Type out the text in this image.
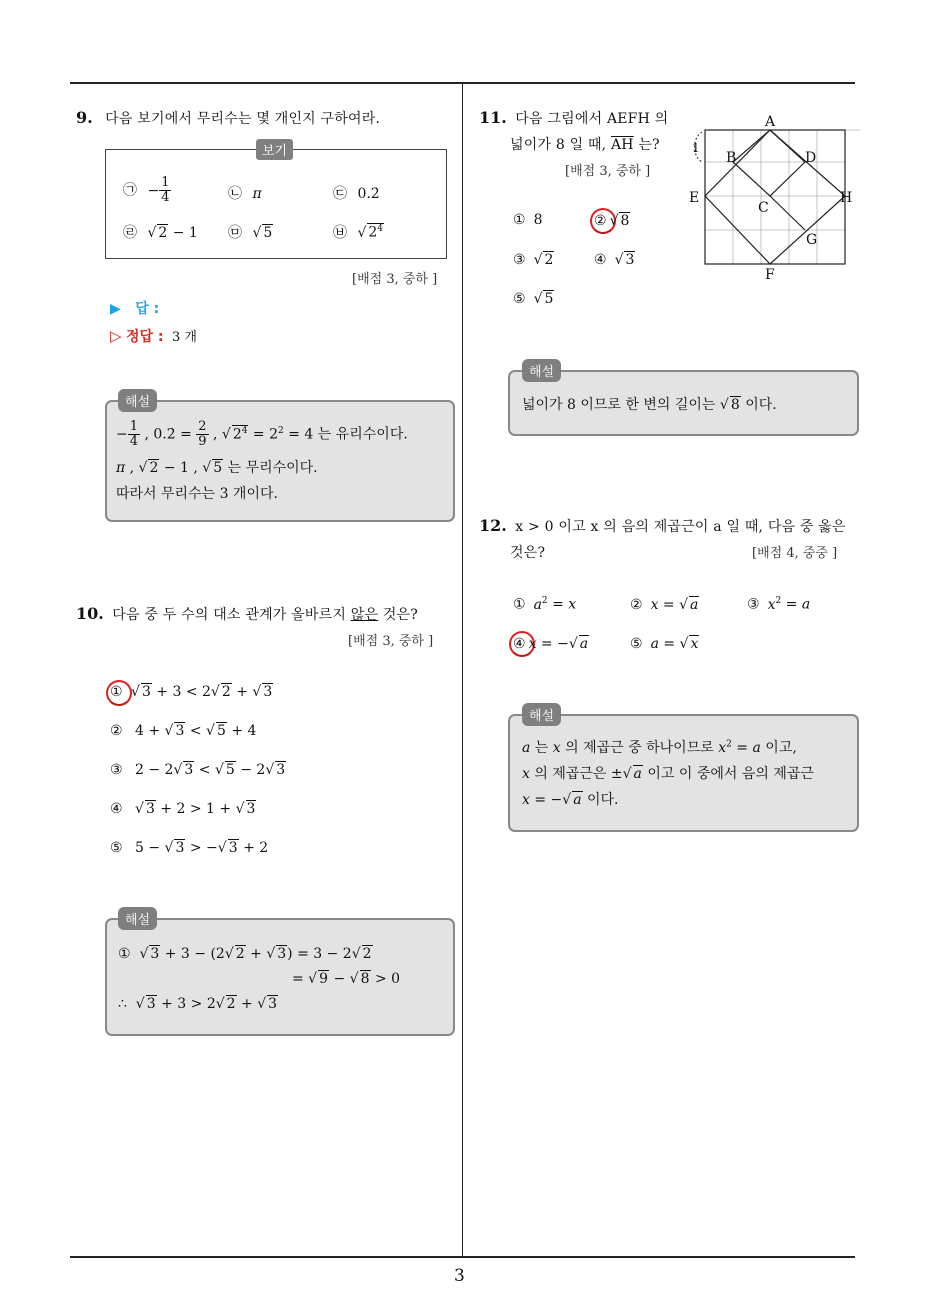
3
9. 다음 보기에서 무리수는 몇 개인지 구하여라.
보기
㉠ − $\frac{1}{4}$	㉡ π	㉢ 0.2̇
㉣ √ 2 − 1 ㉤ √ 5	㉥ √ $2^4$
[배점 3, 중하 ]
▶ 답 :
▷ 정답 : 3 개
해설
− $\frac{1}{4}$ , 0.2̇ = $\frac{2}{9}$ , √ $2^4 = 2^2 = 4$ 는 유리수이다.
π , √ 2 − 1 , √ 5 는 무리수이다.
따라서 무리수는 3 개이다.
10. 다음 중 두 수의 대소 관계가 올바르지 않은 것은?
[배점 3, 중하 ]
① √ 3 + 3 < 2√ 2 + √ 3
② 4 + √ 3 < √ 5 + 4
③ 2 − 2√ 3 < √ 5 − 2√ 3
④ √ 3 + 2 > 1 + √ 3
⑤ 5 − √ 3 > −√ 3 + 2
해설
①  √ 3 + 3 − (2√ 2 + √ 3) = 3 − 2√ 2
= √ 9 − √ 8 > 0
∴  √ 3 + 3 > 2√ 2 + √ 3
11. 다음 그림에서 AEFH 의
넓이가 8 일 때, $\overline{AH}$ 는?
[배점 3, 중하 ]
① 8	② √ 8
③ √ 2	④ √ 3
⑤ √ 5
A
B
C
D
E
F
G
H
1
해설
넓이가 8 이므로 한 변의 길이는 √ 8 이다.
12. x > 0 이고 x 의 음의 제곱근이 a 일 때, 다음 중 옳은
것은?	[배점 4, 중중 ]
① $a^2 = x$	② x = √ a	③ $x^2 = a$
④ x = −√ a	⑤ a = √ x
해설
a 는 x 의 제곱근 중 하나이므로 $x^2 = a$ 이고,
x 의 제곱근은 ±√ a 이고 이 중에서 음의 제곱근
x = −√ a 이다.
